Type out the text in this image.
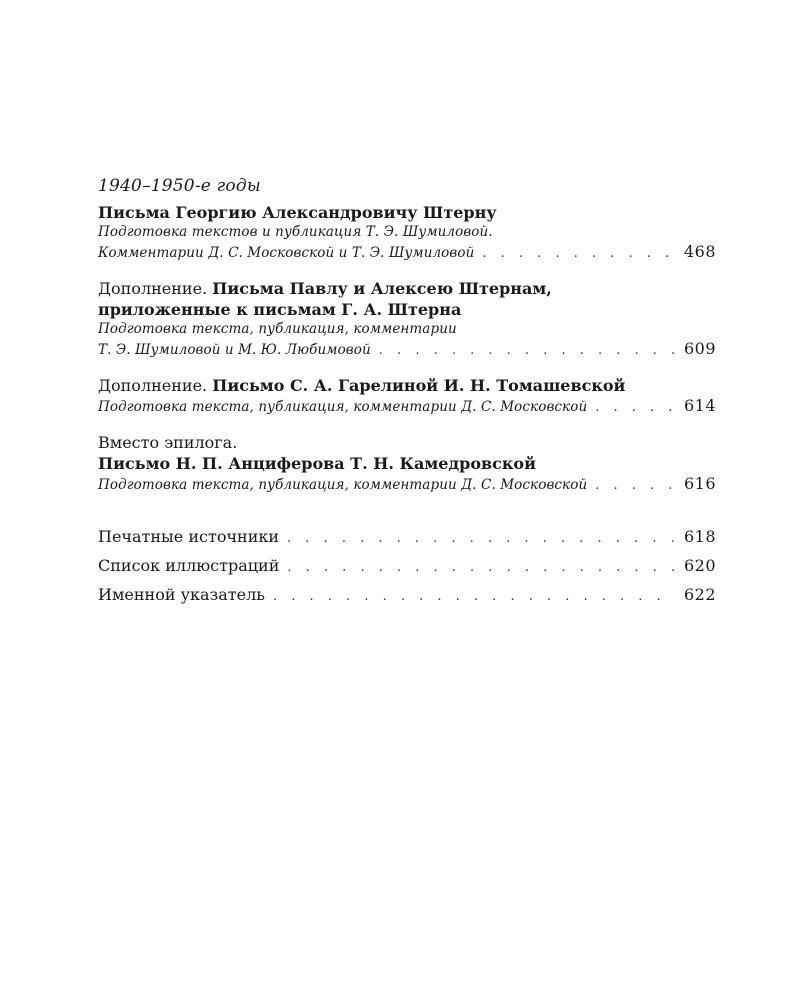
1940–1950-е годы
Письма Георгию Александровичу Штерну
Подготовка текстов и публикация Т. Э. Шумиловой.
Комментарии Д. С. Московской и Т. Э. Шумиловой . . .	468
Дополнение. Письма Павлу и Алексею Штернам,
приложенные к письмам Г. А. Штерна
Подготовка текста, публикация, комментарии
Т. Э. Шумиловой и М. Ю. Любимовой . . .	609
Дополнение. Письмо С. А. Гарелиной И. Н. Томашевской
Подготовка текста, публикация, комментарии Д. С. Московской . . .	614
Вместо эпилога.
Письмо Н. П. Анциферова Т. Н. Камедровской
Подготовка текста, публикация, комментарии Д. С. Московской . . .	616
Печатные источники . . .	618
Список иллюстраций . . .	620
Именной указатель . . .	622
